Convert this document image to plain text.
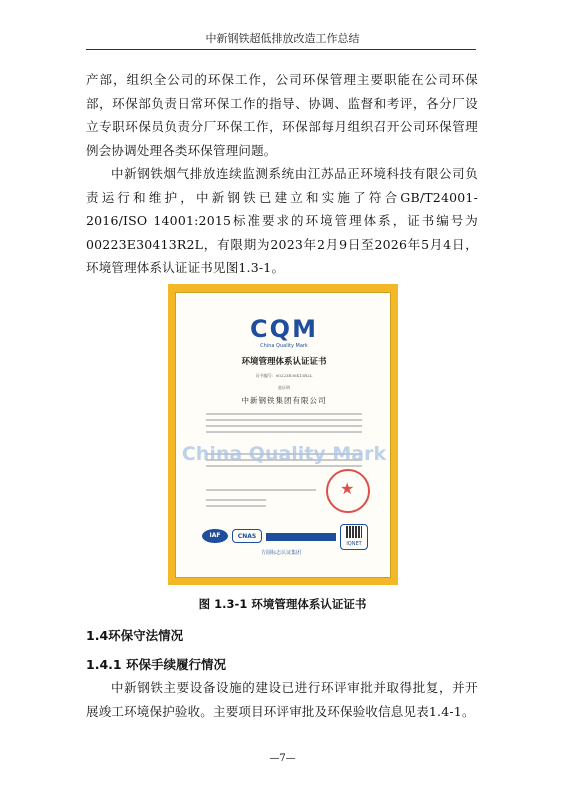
中新钢铁超低排放改造工作总结
产部，组织全公司的环保工作，公司环保管理主要职能在公司环保部，环保部负责日常环保工作的指导、协调、监督和考评，各分厂设立专职环保员负责分厂环保工作，环保部每月组织召开公司环保管理例会协调处理各类环保管理问题。
中新钢铁烟气排放连续监测系统由江苏品正环境科技有限公司负责运行和维护，中新钢铁已建立和实施了符合GB/T24001-2016/ISO 14001:2015标准要求的环境管理体系，证书编号为00223E30413R2L，有限期为2023年2月9日至2026年5月4日，环境管理体系认证证书见图1.3-1。
CQM
China Quality Mark
环境管理体系认证证书
证书编号：00223E30413R2L
兹证明
中新钢铁集团有限公司
China Quality Mark
★
IAF	CNAS
方圆标志认证集团
IQNET
图 1.3-1 环境管理体系认证证书
1.4环保守法情况
1.4.1 环保手续履行情况
中新钢铁主要设备设施的建设已进行环评审批并取得批复，并开展竣工环境保护验收。主要项目环评审批及环保验收信息见表1.4-1。
—7—
